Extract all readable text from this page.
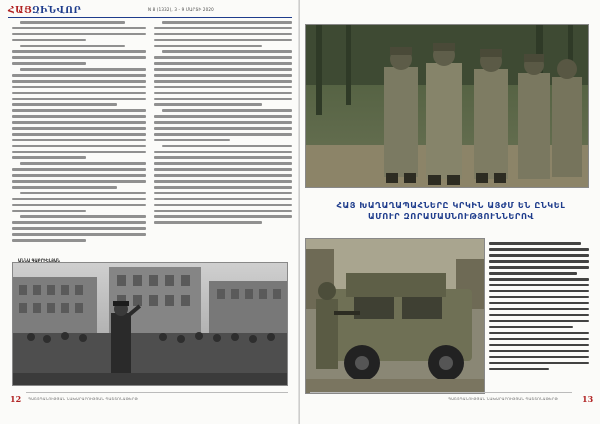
ՀԱՅԶԻՆՎՈՐ
ԱՆՆԱ ԳԱԲՐԻԵԼՅԱՆ
12 ՊԱՇՏՊԱՆՈՒԹՅԱՆ ՆԱԽԱՐԱՐՈՒԹՅԱՆ ՊԱՇՏՈՆԱԹԵՐԹ
N 8 (1332), 3 - 9 ՄԱՐՏԻ 2020
ՀԱՅ ԽԱՂԱՂԱՊԱՀՆԵՐԸ ԿՐԿԻՆ ԱՅԺՄ ԵՆ ԸՆԿԵԼ
ԱՄՈՒՐ ԶՈՐԱՄԱՍՆՈՒԹՅՈՒՆՆԵՐՈՎ
ՊԱՇՏՊԱՆՈՒԹՅԱՆ ՆԱԽԱՐԱՐՈՒԹՅԱՆ ՊԱՇՏՈՆԱԹԵՐԹ	13
